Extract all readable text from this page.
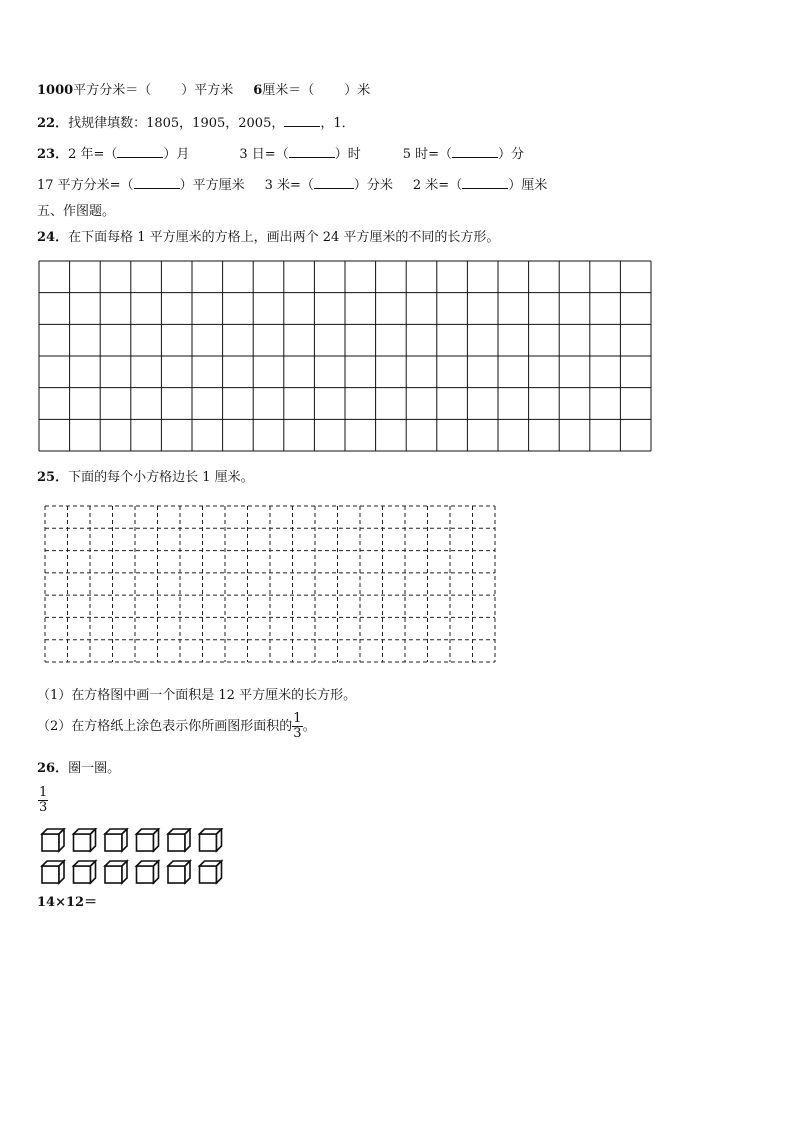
1000平方分米＝（ ）平方米 6厘米＝（ ）米
22．找规律填数：1805，1905，2005，	，1．
23．2 年=（	）月	3 日=（	）时	5 时=（	）分
17 平方分米=（	）平方厘米 3 米=（	）分米 2 米=（	）厘米
五、作图题。
24．在下面每格 1 平方厘米的方格上，画出两个 24 平方厘米的不同的长方形。
25．下面的每个小方格边长 1 厘米。
（1）在方格图中画一个面积是 12 平方厘米的长方形。
（2）在方格纸上涂色表示你所画图形面积的 $\frac{1}{3}$ 。
26．圈一圈。
$\frac{1}{3}$
14×12＝
